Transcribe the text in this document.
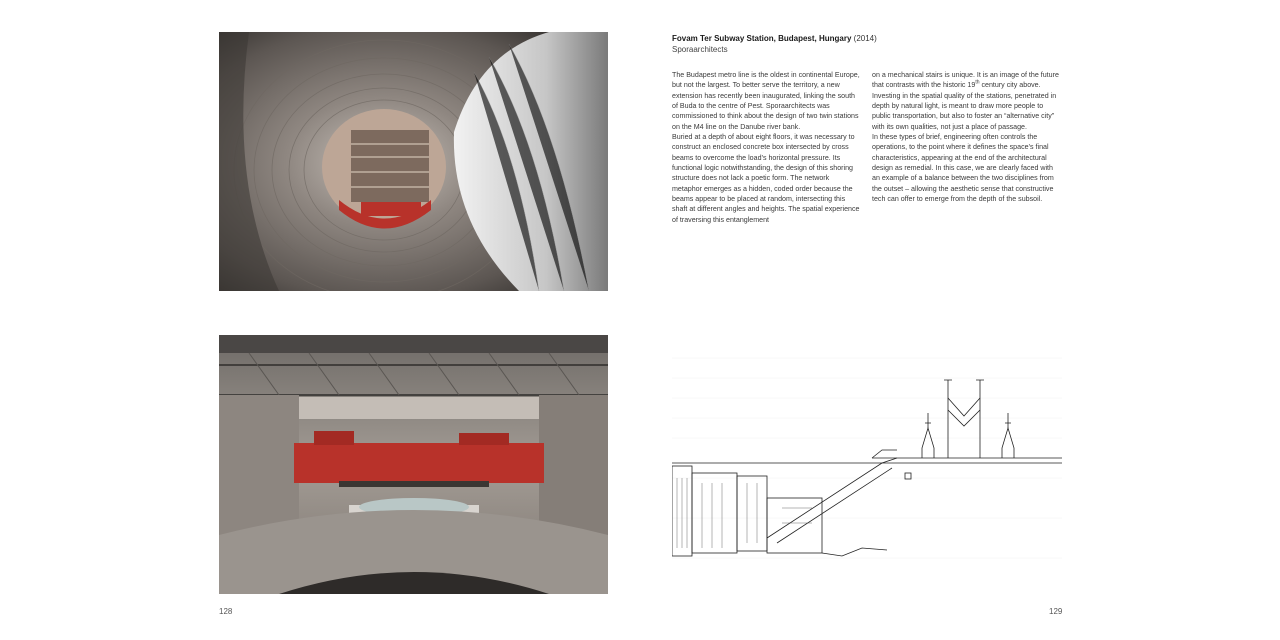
Fovam Ter Subway Station, Budapest, Hungary (2014)
Sporaarchitects

The Budapest metro line is the oldest in continental Europe, but not the largest. To better serve the territory, a new extension has recently been inaugurated, linking the south of Buda to the centre of Pest. Sporaarchitects was commissioned to think about the design of two twin stations on the M4 line on the Danube river bank.

Buried at a depth of about eight floors, it was necessary to construct an enclosed concrete box intersected by cross beams to overcome the load’s horizontal pressure. Its functional logic notwithstanding, the design of this shoring structure does not lack a poetic form. The network metaphor emerges as a hidden, coded order because the beams appear to be placed at random, intersecting this shaft at different angles and heights. The spatial experience of traversing this entanglement

on a mechanical stairs is unique. It is an image of the future that contrasts with the historic 19th century city above. Investing in the spatial quality of the stations, penetrated in depth by natural light, is meant to draw more people to public transportation, but also to foster an “alternative city” with its own qualities, not just a place of passage.

In these types of brief, engineering often controls the operations, to the point where it defines the space’s final characteristics, appearing at the end of the architectural design as remedial. In this case, we are clearly faced with an example of a balance between the two disciplines from the outset – allowing the aesthetic sense that constructive tech can offer to emerge from the depth of the subsoil.

128	129
